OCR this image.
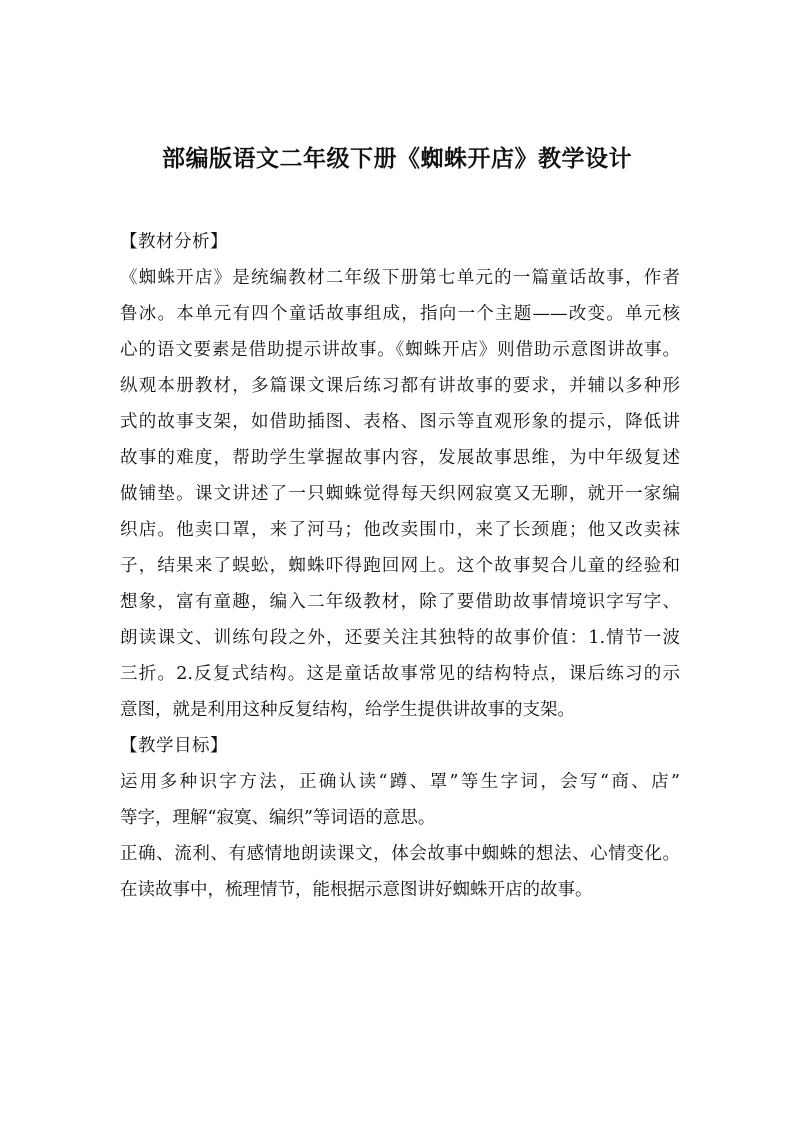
部编版语文二年级下册《蜘蛛开店》教学设计
【教材分析】
《蜘蛛开店》是统编教材二年级下册第七单元的一篇童话故事，作者
鲁冰。本单元有四个童话故事组成，指向一个主题——改变。单元核
心的语文要素是借助提示讲故事。《蜘蛛开店》则借助示意图讲故事。
纵观本册教材，多篇课文课后练习都有讲故事的要求，并辅以多种形
式的故事支架，如借助插图、表格、图示等直观形象的提示，降低讲
故事的难度，帮助学生掌握故事内容，发展故事思维，为中年级复述
做铺垫。课文讲述了一只蜘蛛觉得每天织网寂寞又无聊，就开一家编
织店。他卖口罩，来了河马；他改卖围巾，来了长颈鹿；他又改卖袜
子，结果来了蜈蚣，蜘蛛吓得跑回网上。这个故事契合儿童的经验和
想象，富有童趣，编入二年级教材，除了要借助故事情境识字写字、
朗读课文、训练句段之外，还要关注其独特的故事价值：1.情节一波
三折。2.反复式结构。这是童话故事常见的结构特点，课后练习的示
意图，就是利用这种反复结构，给学生提供讲故事的支架。
【教学目标】
运用多种识字方法，正确认读“蹲、罩”等生字词，会写“商、店”
等字，理解“寂寞、编织”等词语的意思。
正确、流利、有感情地朗读课文，体会故事中蜘蛛的想法、心情变化。
在读故事中，梳理情节，能根据示意图讲好蜘蛛开店的故事。
